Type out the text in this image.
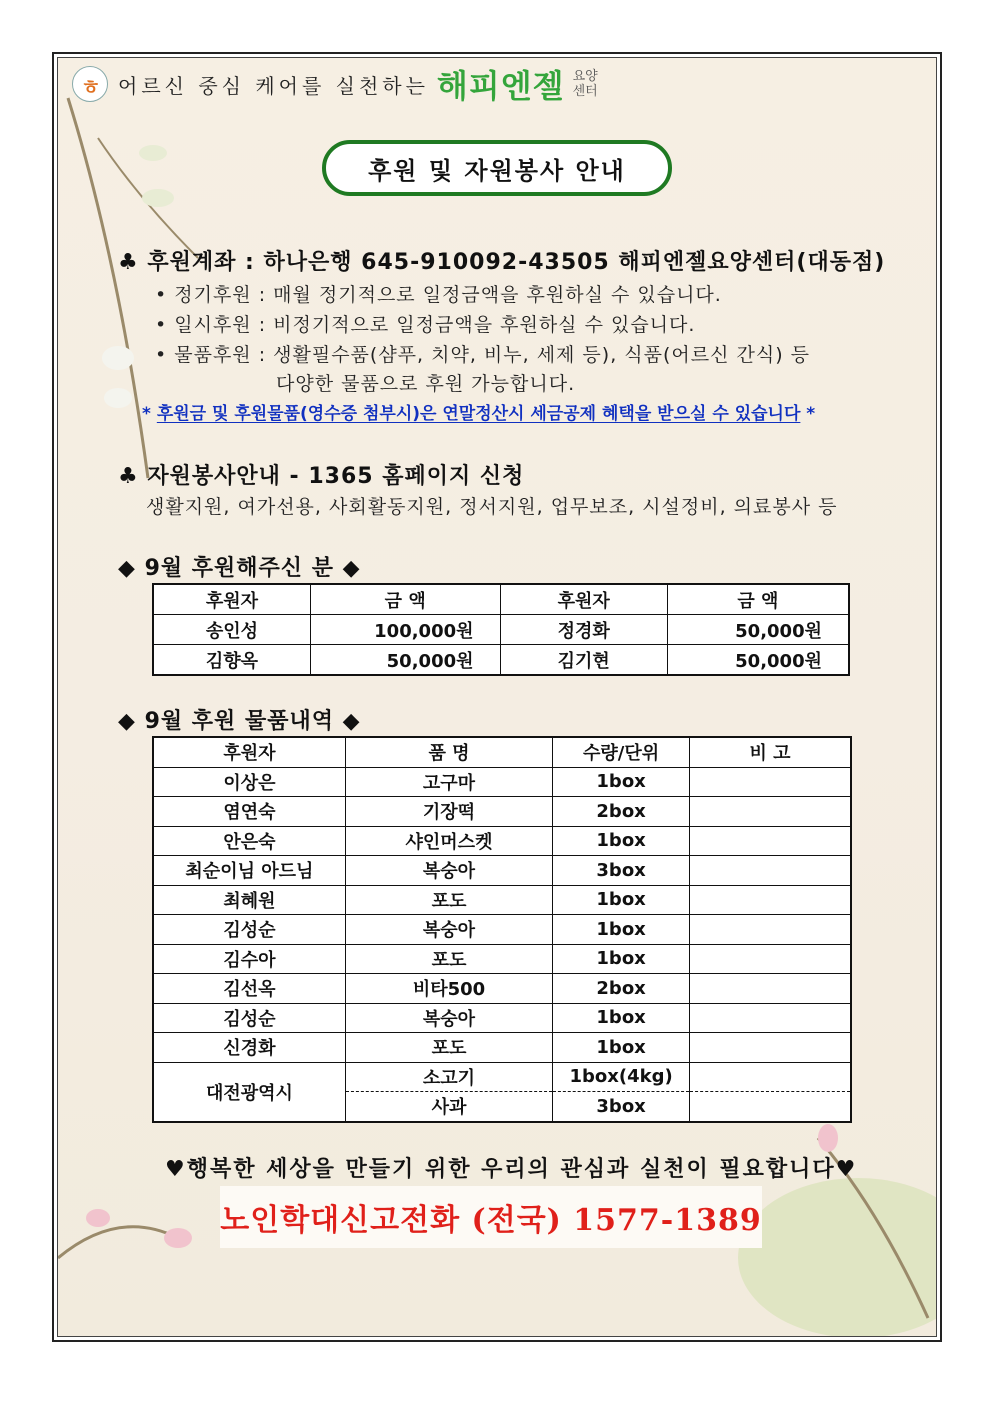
ㅎ 어르신 중심 케어를 실천하는 해피엔젤 요양
센터
후원 및 자원봉사 안내
♣ 후원계좌 : 하나은행 645-910092-43505 해피엔젤요양센터(대동점)
• 정기후원 : 매월 정기적으로 일정금액을 후원하실 수 있습니다.
• 일시후원 : 비정기적으로 일정금액을 후원하실 수 있습니다.
• 물품후원 : 생활필수품(샴푸, 치약, 비누, 세제 등), 식품(어르신 간식) 등
다양한 물품으로 후원 가능합니다.
* 후원금 및 후원물품(영수증 첨부시)은 연말정산시 세금공제 혜택을 받으실 수 있습니다 *
♣ 자원봉사안내 - 1365 홈페이지 신청
생활지원, 여가선용, 사회활동지원, 정서지원, 업무보조, 시설정비, 의료봉사 등
◆ 9월 후원해주신 분 ◆
후원자	금 액	후원자	금 액
송인성	100,000원	정경화	50,000원
김향옥	50,000원	김기현	50,000원
◆ 9월 후원 물품내역 ◆
후원자	품 명	수량/단위	비 고
이상은	고구마	1box	
염연숙	기장떡	2box	
안은숙	샤인머스켓	1box	
최순이님 아드님	복숭아	3box	
최혜원	포도	1box	
김성순	복숭아	1box	
김수아	포도	1box	
김선옥	비타500	2box	
김성순	복숭아	1box	
신경화	포도	1box	
대전광역시	소고기	1box(4kg)	
	사과	3box	
♥행복한 세상을 만들기 위한 우리의 관심과 실천이 필요합니다♥
노인학대신고전화 (전국) 1577-1389
